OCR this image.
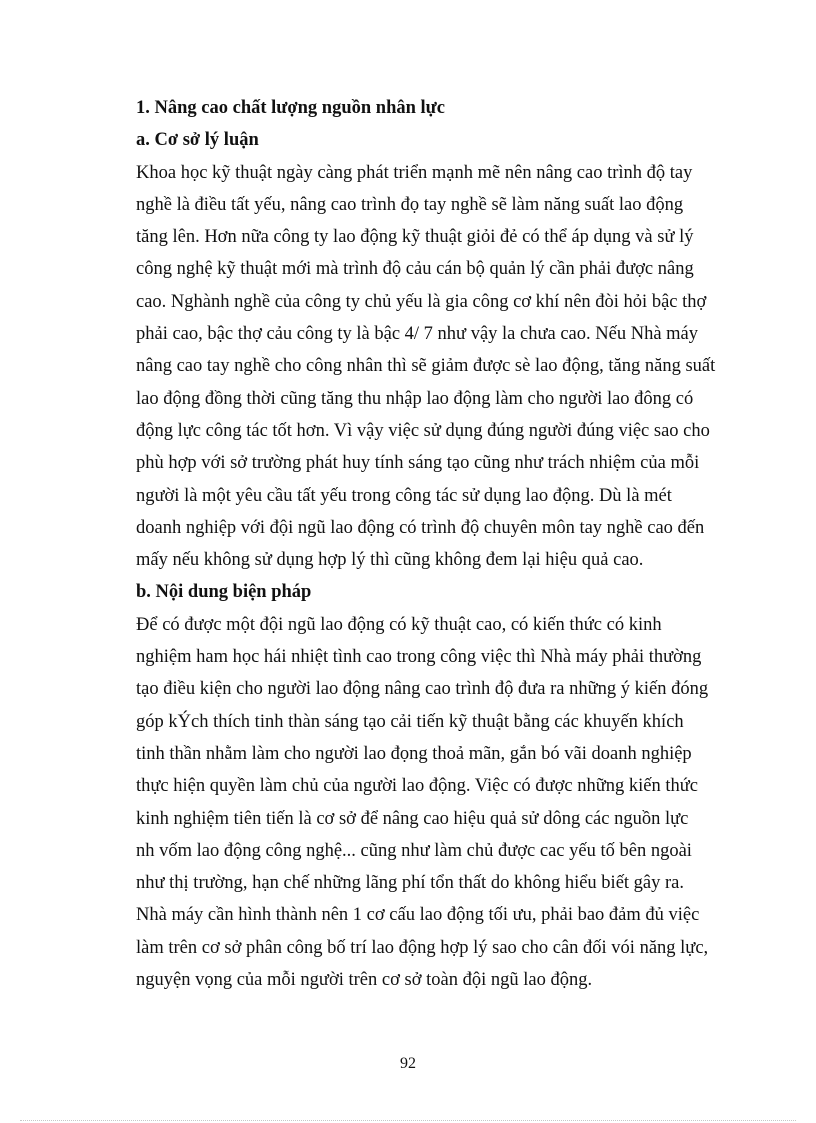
1. Nâng cao chất lượng nguồn nhân lực

a. Cơ sở lý luận

Khoa học kỹ thuật ngày càng phát triển mạnh mẽ nên nâng cao trình độ tay

nghề là điều tất yếu, nâng cao trình đọ tay nghề sẽ làm năng suất lao động

tăng lên. Hơn nữa công ty lao động kỹ thuật giỏi đẻ có thể áp dụng và sử lý

công nghệ kỹ thuật mới mà trình độ cảu cán bộ quản lý cần phải được nâng

cao. Nghành nghề của công ty chủ yếu là gia công cơ khí nên đòi hỏi bậc thợ

phải cao, bậc thợ cảu công ty là bậc 4/ 7 như vậy la chưa cao. Nếu Nhà máy

nâng cao tay nghề cho công nhân thì sẽ giảm được sè lao động, tăng năng suất

lao động đồng thời cũng tăng thu nhập lao động làm cho người lao đông có

động lực công tác tốt hơn. Vì vậy việc sử dụng đúng người đúng việc sao cho

phù hợp với sở trường phát huy tính sáng tạo cũng như trách nhiệm của mỗi

người là một yêu cầu tất yếu trong công tác sử dụng lao động. Dù là mét

doanh nghiệp với đội ngũ lao động có trình độ chuyên môn tay nghề cao đến

mấy nếu không sử dụng hợp lý thì cũng không đem lại hiệu quả cao.

b. Nội dung biện pháp

Để có được một đội ngũ lao động có kỹ thuật cao, có kiến thức có kinh

nghiệm ham học hái nhiệt tình cao trong công việc thì Nhà máy phải thường

tạo điều kiện cho người lao động nâng cao trình độ đưa ra những ý kiến đóng

góp kÝch thích tinh thàn sáng tạo cải tiến kỹ thuật bằng các khuyến khích

tinh thần nhằm làm cho người lao đọng thoả mãn, gắn bó vãi doanh nghiệp

thực hiện quyền làm chủ của người lao động. Việc có được những kiến thức

kinh nghiệm tiên tiến là cơ sở để nâng cao hiệu quả sử dông các nguồn lực

nh vốm lao động công nghệ... cũng như làm chủ được cac yếu tố bên ngoài

như thị trường, hạn chế những lãng phí tổn thất do không hiểu biết gây ra.

Nhà máy cần hình thành nên 1 cơ cấu lao động tối ưu, phải bao đảm đủ việc

làm trên cơ sở phân công bố trí lao động hợp lý sao cho cân đối vói năng lực,

nguyện vọng của mỗi người trên cơ sở toàn đội ngũ lao động.

92
